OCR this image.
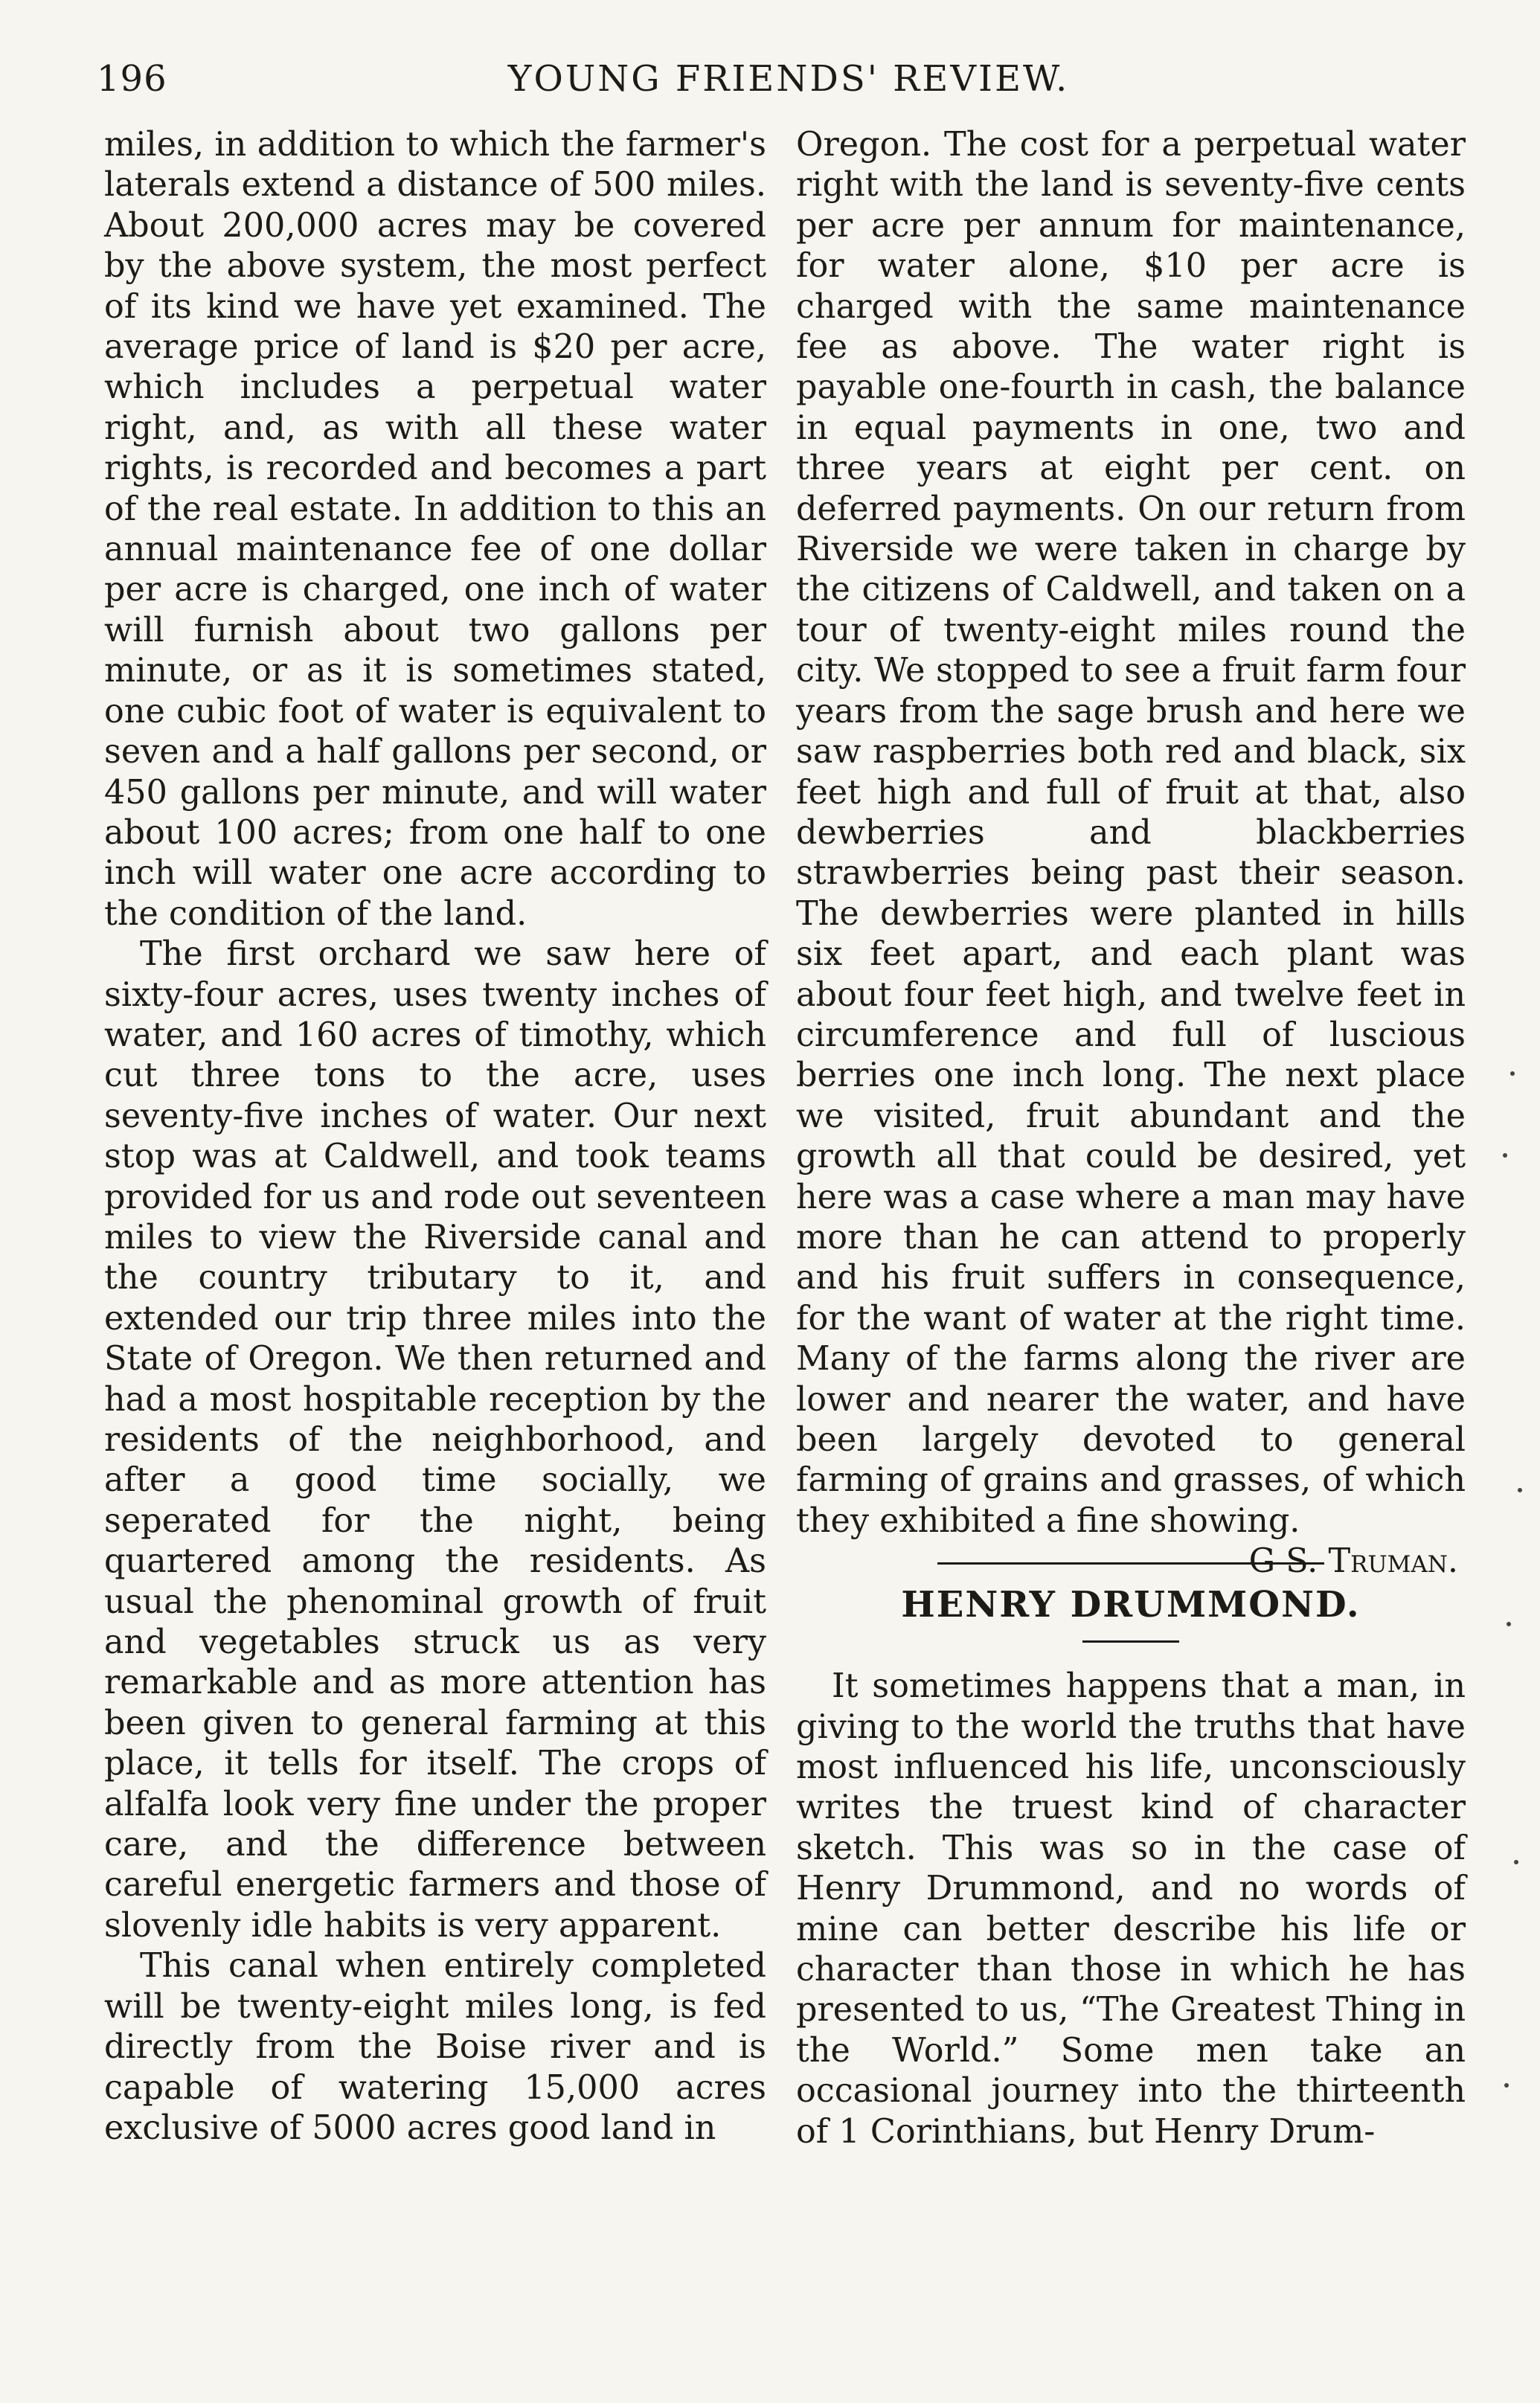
196	YOUNG FRIENDS' REVIEW.

miles, in addition to which the farmer's laterals extend a distance of 500 miles. About 200,000 acres may be covered by the above system, the most perfect of its kind we have yet examined. The average price of land is $20 per acre, which includes a perpetual water right, and, as with all these water rights, is recorded and becomes a part of the real estate. In addition to this an annual maintenance fee of one dollar per acre is charged, one inch of water will furnish about two gallons per minute, or as it is sometimes stated, one cubic foot of water is equivalent to seven and a half gallons per second, or 450 gallons per minute, and will water about 100 acres; from one half to one inch will water one acre according to the condition of the land.

The first orchard we saw here of sixty-four acres, uses twenty inches of water, and 160 acres of timothy, which cut three tons to the acre, uses seventy-five inches of water. Our next stop was at Caldwell, and took teams provided for us and rode out seventeen miles to view the Riverside canal and the country tributary to it, and extended our trip three miles into the State of Oregon. We then returned and had a most hospitable reception by the residents of the neighborhood, and after a good time socially, we seperated for the night, being quartered among the residents. As usual the phenominal growth of fruit and vegetables struck us as very remarkable and as more attention has been given to general farming at this place, it tells for itself. The crops of alfalfa look very fine under the proper care, and the difference between careful energetic farmers and those of slovenly idle habits is very apparent.

This canal when entirely completed will be twenty-eight miles long, is fed directly from the Boise river and is capable of watering 15,000 acres exclusive of 5000 acres good land in

Oregon. The cost for a perpetual water right with the land is seventy-five cents per acre per annum for maintenance, for water alone, $10 per acre is charged with the same maintenance fee as above. The water right is payable one-fourth in cash, the balance in equal payments in one, two and three years at eight per cent. on deferred payments. On our return from Riverside we were taken in charge by the citizens of Caldwell, and taken on a tour of twenty-eight miles round the city. We stopped to see a fruit farm four years from the sage brush and here we saw raspberries both red and black, six feet high and full of fruit at that, also dewberries and blackberries strawberries being past their season. The dewberries were planted in hills six feet apart, and each plant was about four feet high, and twelve feet in circumference and full of luscious berries one inch long. The next place we visited, fruit abundant and the growth all that could be desired, yet here was a case where a man may have more than he can attend to properly and his fruit suffers in consequence, for the want of water at the right time. Many of the farms along the river are lower and nearer the water, and have been largely devoted to general farming of grains and grasses, of which they exhibited a fine showing.
G S. Truman.

HENRY DRUMMOND.

It sometimes happens that a man, in giving to the world the truths that have most influenced his life, unconsciously writes the truest kind of character sketch. This was so in the case of Henry Drummond, and no words of mine can better describe his life or character than those in which he has presented to us, “The Greatest Thing in the World.” Some men take an occasional journey into the thirteenth of 1 Corinthians, but Henry Drum-
